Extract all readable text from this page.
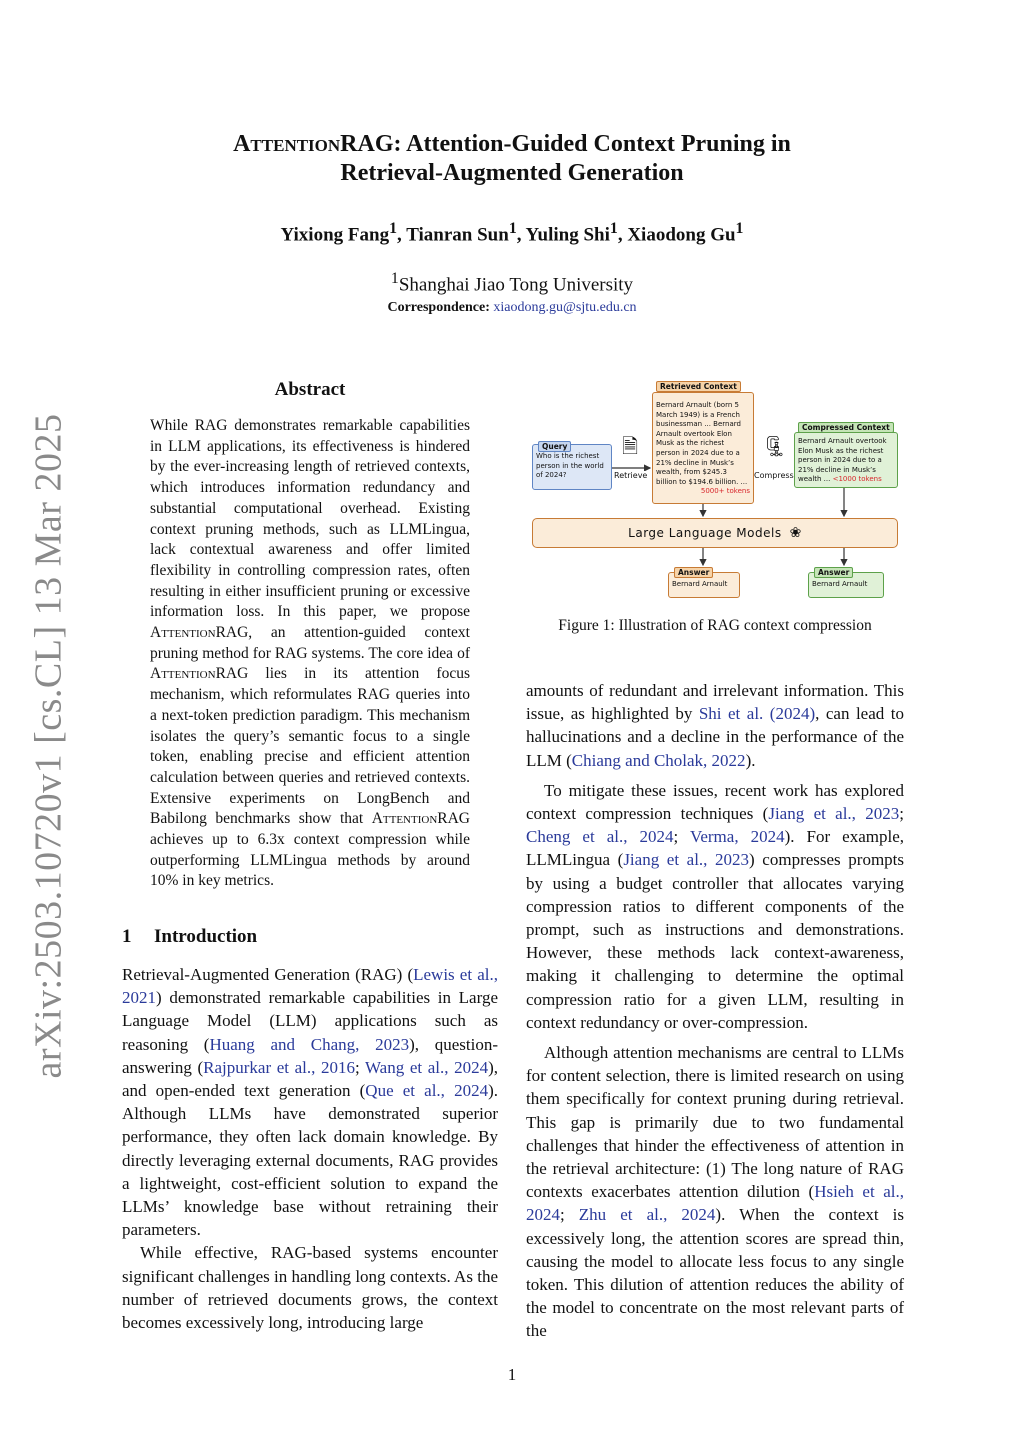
arXiv:2503.10720v1 [cs.CL] 13 Mar 2025
AttentionRAG: Attention-Guided Context Pruning in
Retrieval-Augmented Generation
Yixiong Fang$^1$, Tianran Sun$^1$, Yuling Shi$^1$, Xiaodong Gu$^1$
$^1$Shanghai Jiao Tong University
Correspondence: xiaodong.gu@sjtu.edu.cn
Abstract
While RAG demonstrates remarkable capabilities in LLM applications, its effectiveness is hindered by the ever-increasing length of retrieved contexts, which introduces information redundancy and substantial computational overhead. Existing context pruning methods, such as LLMLingua, lack contextual awareness and offer limited flexibility in controlling compression rates, often resulting in either insufficient pruning or excessive information loss. In this paper, we propose AttentionRAG, an attention-guided context pruning method for RAG systems. The core idea of AttentionRAG lies in its attention focus mechanism, which reformulates RAG queries into a next-token prediction paradigm. This mechanism isolates the query’s semantic focus to a single token, enabling precise and efficient attention calculation between queries and retrieved contexts. Extensive experiments on LongBench and Babilong benchmarks show that AttentionRAG achieves up to 6.3x context compression while outperforming LLMLingua methods by around 10% in key metrics.
1 Introduction

Retrieval-Augmented Generation (RAG) (Lewis et al., 2021) demonstrated remarkable capabilities in Large Language Model (LLM) applications such as reasoning (Huang and Chang, 2023), question-answering (Rajpurkar et al., 2016; Wang et al., 2024), and open-ended text generation (Que et al., 2024). Although LLMs have demonstrated superior performance, they often lack domain knowledge. By directly leveraging external documents, RAG provides a lightweight, cost-efficient solution to expand the LLMs’ knowledge base without retraining their parameters.

While effective, RAG-based systems encounter significant challenges in handling long contexts. As the number of retrieved documents grows, the context becomes excessively long, introducing large

amounts of redundant and irrelevant information. This issue, as highlighted by Shi et al. (2024), can lead to hallucinations and a decline in the performance of the LLM (Chiang and Cholak, 2022).

To mitigate these issues, recent work has explored context compression techniques (Jiang et al., 2023; Cheng et al., 2024; Verma, 2024). For example, LLMLingua (Jiang et al., 2023) compresses prompts by using a budget controller that allocates varying compression ratios to different components of the prompt, such as instructions and demonstrations. However, these methods lack context-awareness, making it challenging to determine the optimal compression ratio for a given LLM, resulting in context redundancy or over-compression.

Although attention mechanisms are central to LLMs for content selection, there is limited research on using them specifically for context pruning during retrieval. This gap is primarily due to two fundamental challenges that hinder the effectiveness of attention in the retrieval architecture: (1) The long nature of RAG contexts exacerbates attention dilution (Hsieh et al., 2024; Zhu et al., 2024). When the context is excessively long, the attention scores are spread thin, causing the model to allocate less focus to any single token. This dilution of attention reduces the ability of the model to concentrate on the most relevant parts of the

Bernard Arnault (born 5 March 1949) is a French businessman ... Bernard Arnault overtook Elon Musk as the richest person in 2024 due to a 21% decline in Musk’s wealth, from $245.3 billion to $194.6 billion. ...
5000+ tokens
Retrieved Context
Who is the richest person in the world of 2024?
Query	🗎
Retrieve
🗜
Compress
Bernard Arnault overtook Elon Musk as the richest person in 2024 due to a 21% decline in Musk’s wealth ... <1000 tokens
Compressed Context
Large Language Models ❀
Bernard Arnault
Answer
Bernard Arnault
Answer
Figure 1: Illustration of RAG context compression
1
